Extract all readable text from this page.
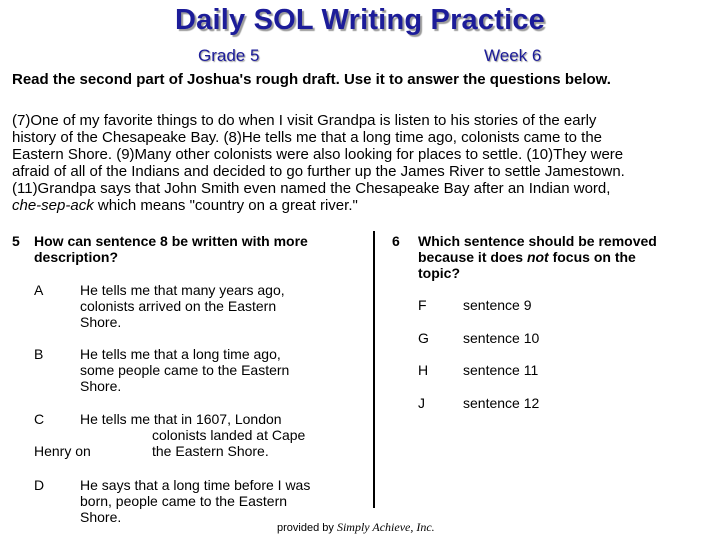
Daily SOL Writing Practice
Grade 5	Week 6
Read the second part of Joshua's rough draft. Use it to answer the questions below.
(7)One of my favorite things to do when I visit Grandpa is listen to his stories of the early
history of the Chesapeake Bay. (8)He tells me that a long time ago, colonists came to the
Eastern Shore. (9)Many other colonists were also looking for places to settle. (10)They were
afraid of all of the Indians and decided to go further up the James River to settle Jamestown.
(11)Grandpa says that John Smith even named the Chesapeake Bay after an Indian word,
che-sep-ack which means "country on a great river."
5 How can sentence 8 be written with more
description?
A	He tells me that many years ago,
colonists arrived on the Eastern
Shore.
B	He tells me that a long time ago,
some people came to the Eastern
Shore.
C	He tells me that in 1607, London
colonists landed at Cape
Henry on	the Eastern Shore.
D	He says that a long time before I was
born, people came to the Eastern
Shore.
6 Which sentence should be removed
because it does not focus on the
topic?
F	sentence 9
G sentence 10
H sentence 11
J	sentence 12
provided by Simply Achieve, Inc.
